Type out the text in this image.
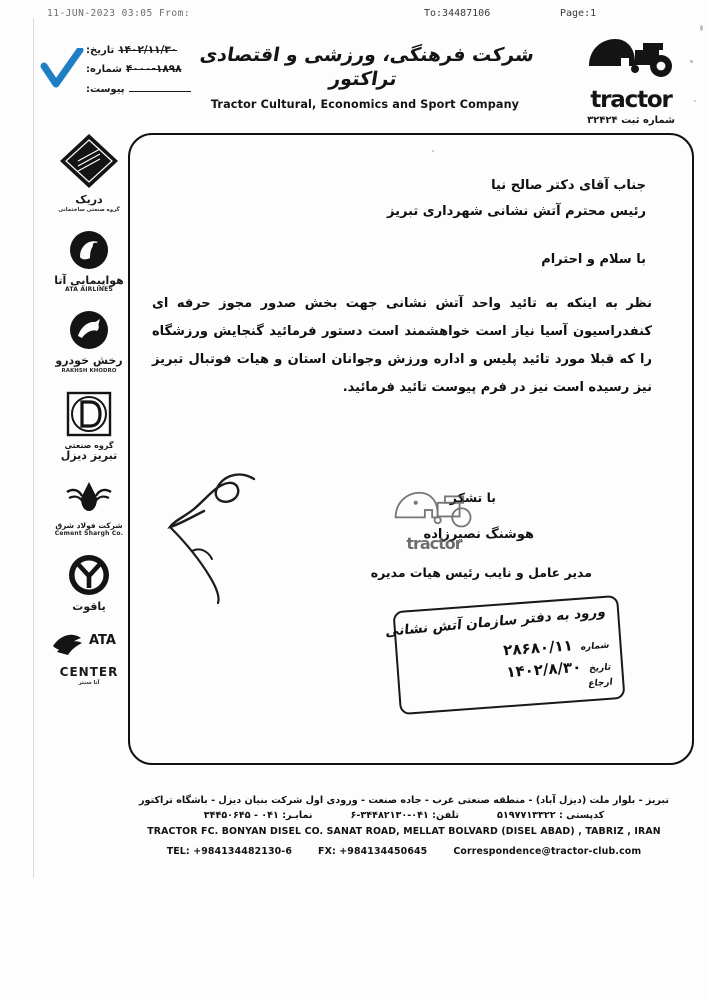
11-JUN-2023 03:05 From:	To:34487106	Page:1
۱۴۰۲/۱۱/۳۰
تاریخ:
۴۰۰۰-۱۸۹۸
شماره:
پیوست:
شرکت فرهنگی، ورزشی و اقتصادی تراکتور
Tractor Cultural, Economics and Sport Company	tractor
شماره ثبت ۳۲۴۲۴
دریک
گروه صنعتی ساختمانی
هواپیمایی آتا
ATA AIRLINES
رخش خودرو
RAKHSH KHODRO
گروه صنعتی
تبریز دیزل
شرکت فولاد شرق
Cement Shargh Co.
یاقوت
ATA
CENTER
آتا سنتر
جناب آقای دکتر صالح نیا
رئیس محترم آتش نشانی شهرداری تبریز
با سلام و احترام
نظر به اینکه به تائید واحد آتش نشانی جهت بخش صدور مجوز حرفه ای کنفدراسیون آسیا نیاز است خواهشمند است دستور فرمائید گنجایش ورزشگاه را که قبلا مورد تائید پلیس و اداره ورزش وجوانان استان و هیات فوتبال تبریز نیز رسیده است نیز در فرم پیوست تائید فرمائید.
با تشکر
هوشنگ نصیرزاده
مدیر عامل و نایب رئیس هیات مدیره
tractor
ورود به دفتر سازمان آتش نشانی
شماره
۲۸۶۸۰/۱۱
تاریخ
۱۴۰۲/۸/۳۰
ارجاع
تبریز - بلوار ملت (دیزل آباد) - منطقه صنعتی غرب - جاده صنعت - ورودی اول شرکت بنیان دیزل - باشگاه تراکتور
کدپستی : ۵۱۹۷۷۱۳۳۲۲
تلفن: ۰۴۱-۳۴۴۸۲۱۳۰-۶
نمابـر: ۰۴۱ - ۳۴۴۵۰۶۴۵
TRACTOR FC. BONYAN DISEL CO. SANAT ROAD, MELLAT BOLVARD (DISEL ABAD) , TABRIZ , IRAN
TEL: +984134482130-6	FX: +984134450645	Correspondence@tractor-club.com
